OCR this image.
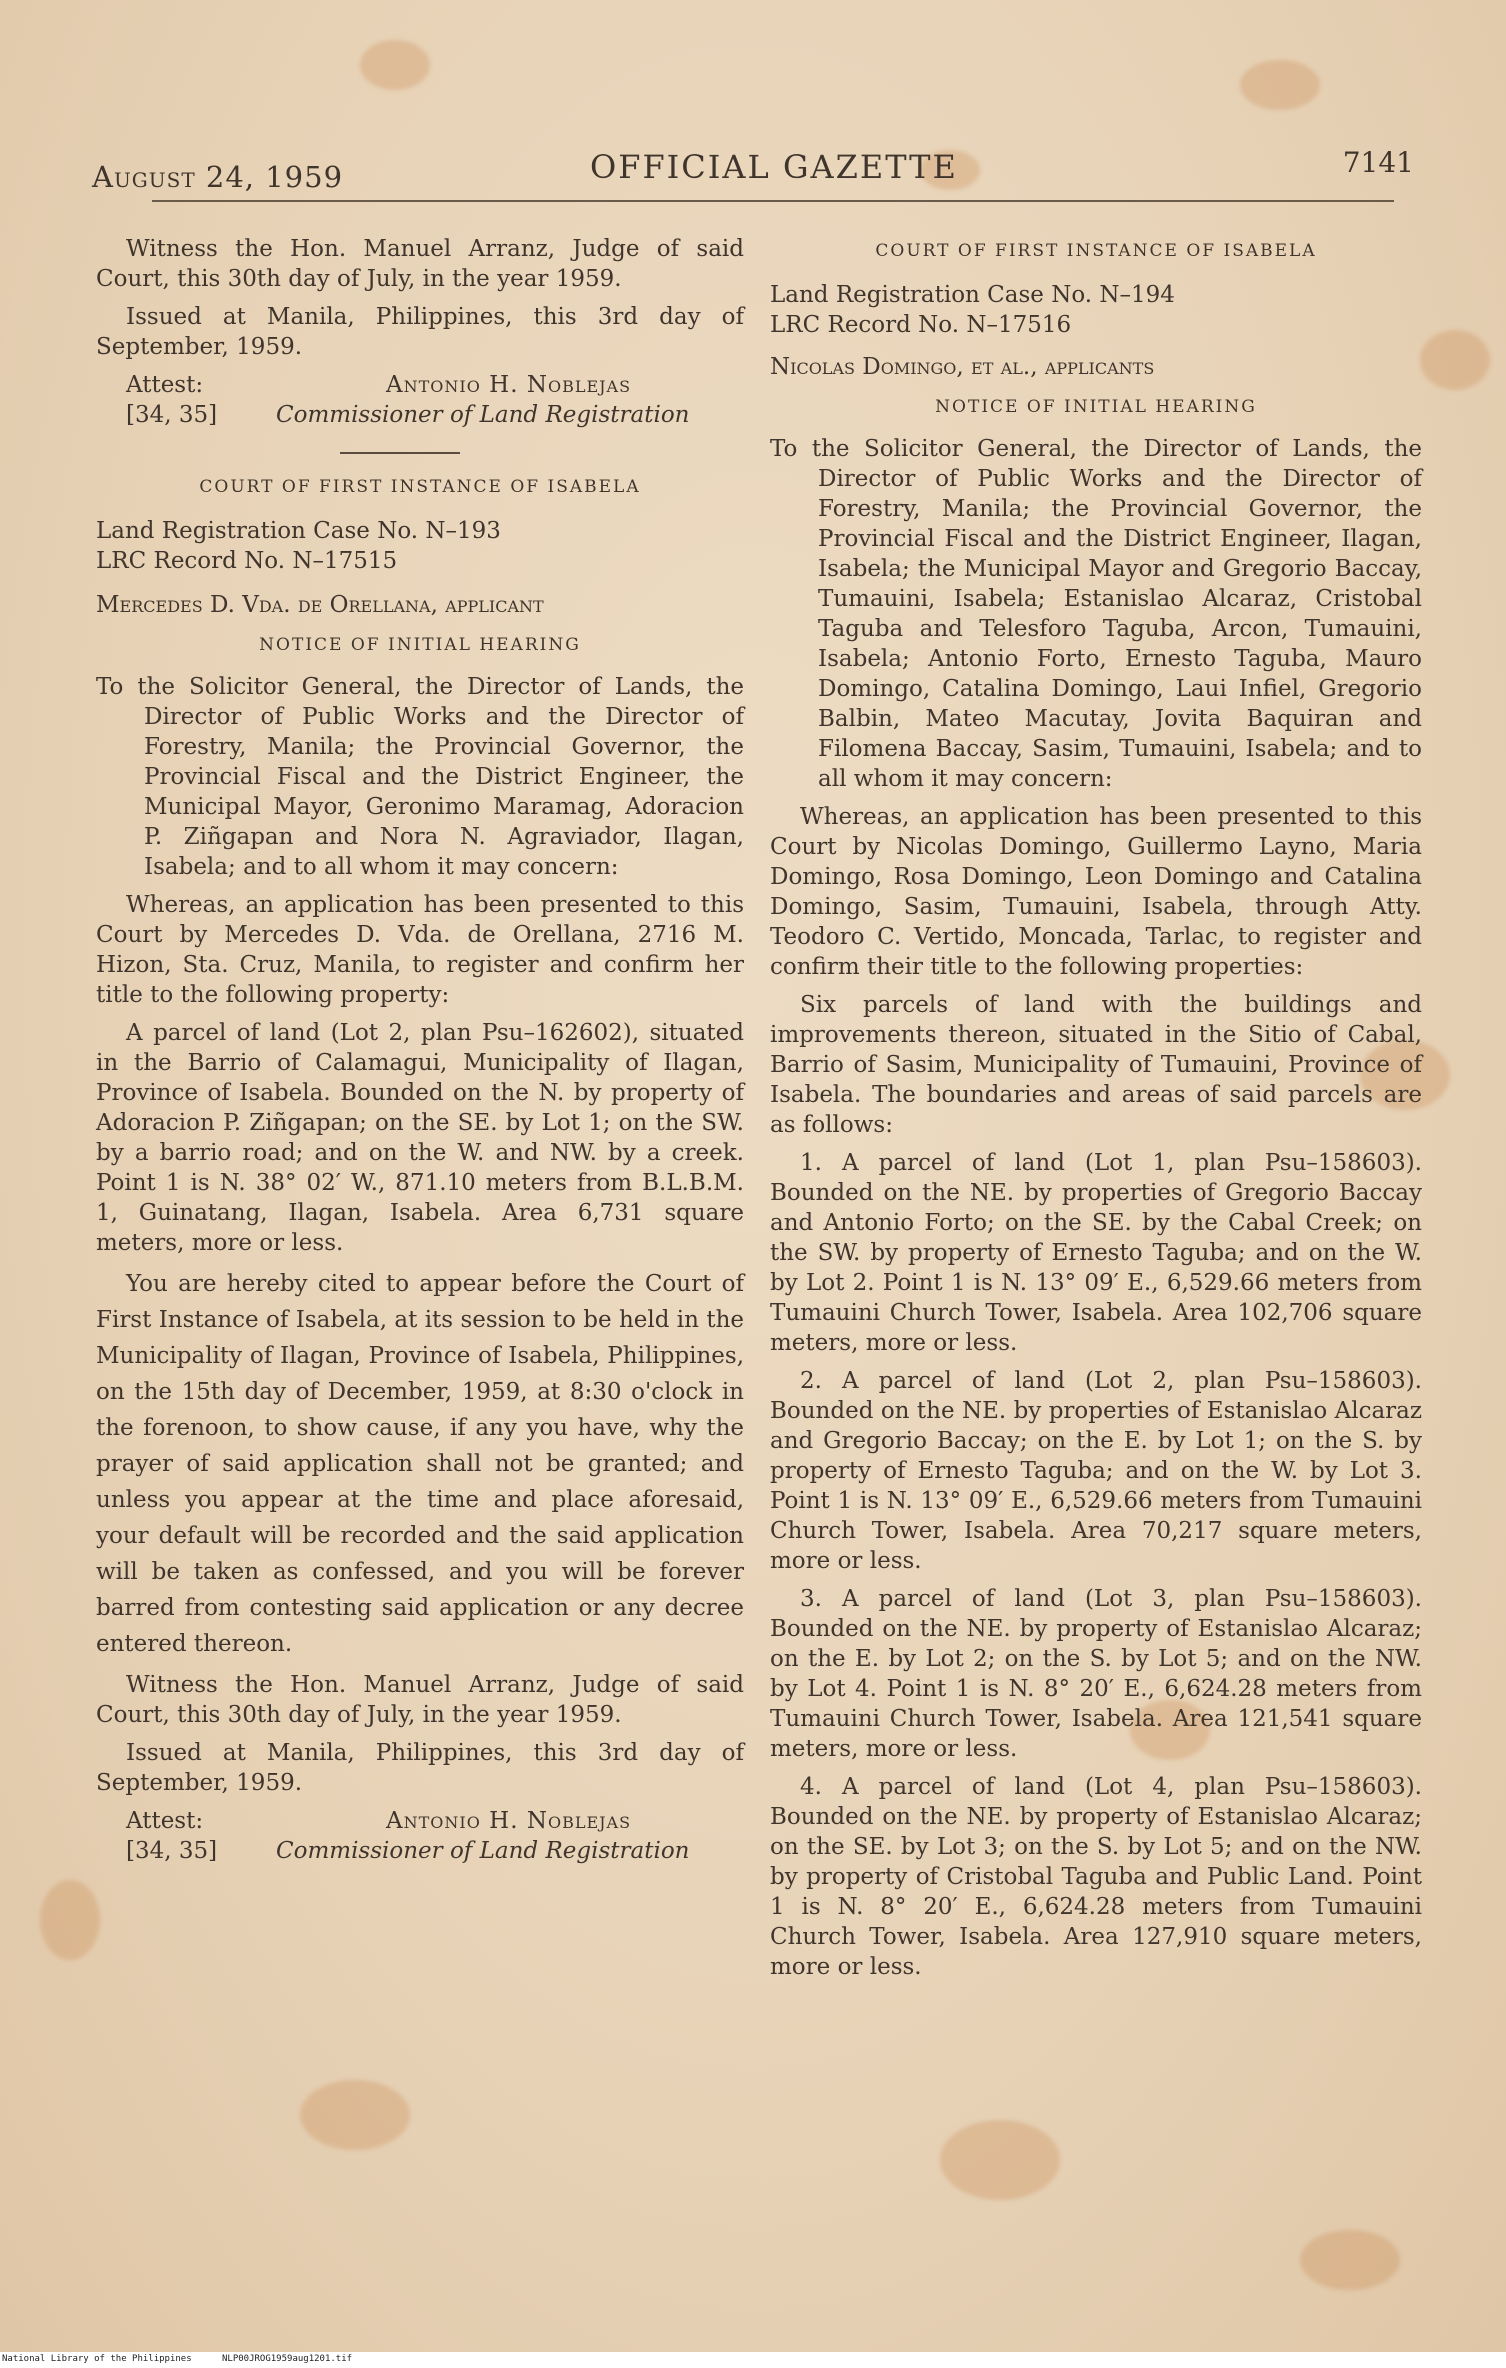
August 24, 1959	OFFICIAL GAZETTE	7141

Witness the Hon. Manuel Arranz, Judge of said Court, this 30th day of July, in the year 1959.

Issued at Manila, Philippines, this 3rd day of September, 1959.

Attest:
[34, 35]
Antonio H. Noblejas
Commissioner of Land Registration
COURT OF FIRST INSTANCE OF ISABELA

Land Registration Case No. N–193

LRC Record No. N–17515

Mercedes D. Vda. de Orellana, applicant

NOTICE OF INITIAL HEARING

To the Solicitor General, the Director of Lands, the Director of Public Works and the Director of Forestry, Manila; the Provincial Governor, the Provincial Fiscal and the District Engineer, the Municipal Mayor, Geronimo Maramag, Adoracion P. Ziñgapan and Nora N. Agraviador, Ilagan, Isabela; and to all whom it may concern:

Whereas, an application has been presented to this Court by Mercedes D. Vda. de Orellana, 2716 M. Hizon, Sta. Cruz, Manila, to register and confirm her title to the following property:

A parcel of land (Lot 2, plan Psu–162602), situated in the Barrio of Calamagui, Municipality of Ilagan, Province of Isabela. Bounded on the N. by property of Adoracion P. Ziñgapan; on the SE. by Lot 1; on the SW. by a barrio road; and on the W. and NW. by a creek. Point 1 is N. 38° 02′ W., 871.10 meters from B.L.B.M. 1, Guinatang, Ilagan, Isabela. Area 6,731 square meters, more or less.

You are hereby cited to appear before the Court of First Instance of Isabela, at its session to be held in the Municipality of Ilagan, Province of Isabela, Philippines, on the 15th day of December, 1959, at 8:30 o'clock in the forenoon, to show cause, if any you have, why the prayer of said application shall not be granted; and unless you appear at the time and place aforesaid, your default will be recorded and the said application will be taken as confessed, and you will be forever barred from contesting said application or any decree entered thereon.

Witness the Hon. Manuel Arranz, Judge of said Court, this 30th day of July, in the year 1959.

Issued at Manila, Philippines, this 3rd day of September, 1959.

Attest:
[34, 35]
Antonio H. Noblejas
Commissioner of Land Registration
COURT OF FIRST INSTANCE OF ISABELA

Land Registration Case No. N–194

LRC Record No. N–17516

Nicolas Domingo, et al., applicants

NOTICE OF INITIAL HEARING

To the Solicitor General, the Director of Lands, the Director of Public Works and the Director of Forestry, Manila; the Provincial Governor, the Provincial Fiscal and the District Engineer, Ilagan, Isabela; the Municipal Mayor and Gregorio Baccay, Tumauini, Isabela; Estanislao Alcaraz, Cristobal Taguba and Telesforo Taguba, Arcon, Tumauini, Isabela; Antonio Forto, Ernesto Taguba, Mauro Domingo, Catalina Domingo, Laui Infiel, Gregorio Balbin, Mateo Macutay, Jovita Baquiran and Filomena Baccay, Sasim, Tumauini, Isabela; and to all whom it may concern:

Whereas, an application has been presented to this Court by Nicolas Domingo, Guillermo Layno, Maria Domingo, Rosa Domingo, Leon Domingo and Catalina Domingo, Sasim, Tumauini, Isabela, through Atty. Teodoro C. Vertido, Moncada, Tarlac, to register and confirm their title to the following properties:

Six parcels of land with the buildings and improvements thereon, situated in the Sitio of Cabal, Barrio of Sasim, Municipality of Tumauini, Province of Isabela. The boundaries and areas of said parcels are as follows:

1. A parcel of land (Lot 1, plan Psu–158603). Bounded on the NE. by properties of Gregorio Baccay and Antonio Forto; on the SE. by the Cabal Creek; on the SW. by property of Ernesto Taguba; and on the W. by Lot 2. Point 1 is N. 13° 09′ E., 6,529.66 meters from Tumauini Church Tower, Isabela. Area 102,706 square meters, more or less.

2. A parcel of land (Lot 2, plan Psu–158603). Bounded on the NE. by properties of Estanislao Alcaraz and Gregorio Baccay; on the E. by Lot 1; on the S. by property of Ernesto Taguba; and on the W. by Lot 3. Point 1 is N. 13° 09′ E., 6,529.66 meters from Tumauini Church Tower, Isabela. Area 70,217 square meters, more or less.

3. A parcel of land (Lot 3, plan Psu–158603). Bounded on the NE. by property of Estanislao Alcaraz; on the E. by Lot 2; on the S. by Lot 5; and on the NW. by Lot 4. Point 1 is N. 8° 20′ E., 6,624.28 meters from Tumauini Church Tower, Isabela. Area 121,541 square meters, more or less.

4. A parcel of land (Lot 4, plan Psu–158603). Bounded on the NE. by property of Estanislao Alcaraz; on the SE. by Lot 3; on the S. by Lot 5; and on the NW. by property of Cristobal Taguba and Public Land. Point 1 is N. 8° 20′ E., 6,624.28 meters from Tumauini Church Tower, Isabela. Area 127,910 square meters, more or less.

National Library of the Philippines	NLP00JROG1959aug1201.tif
